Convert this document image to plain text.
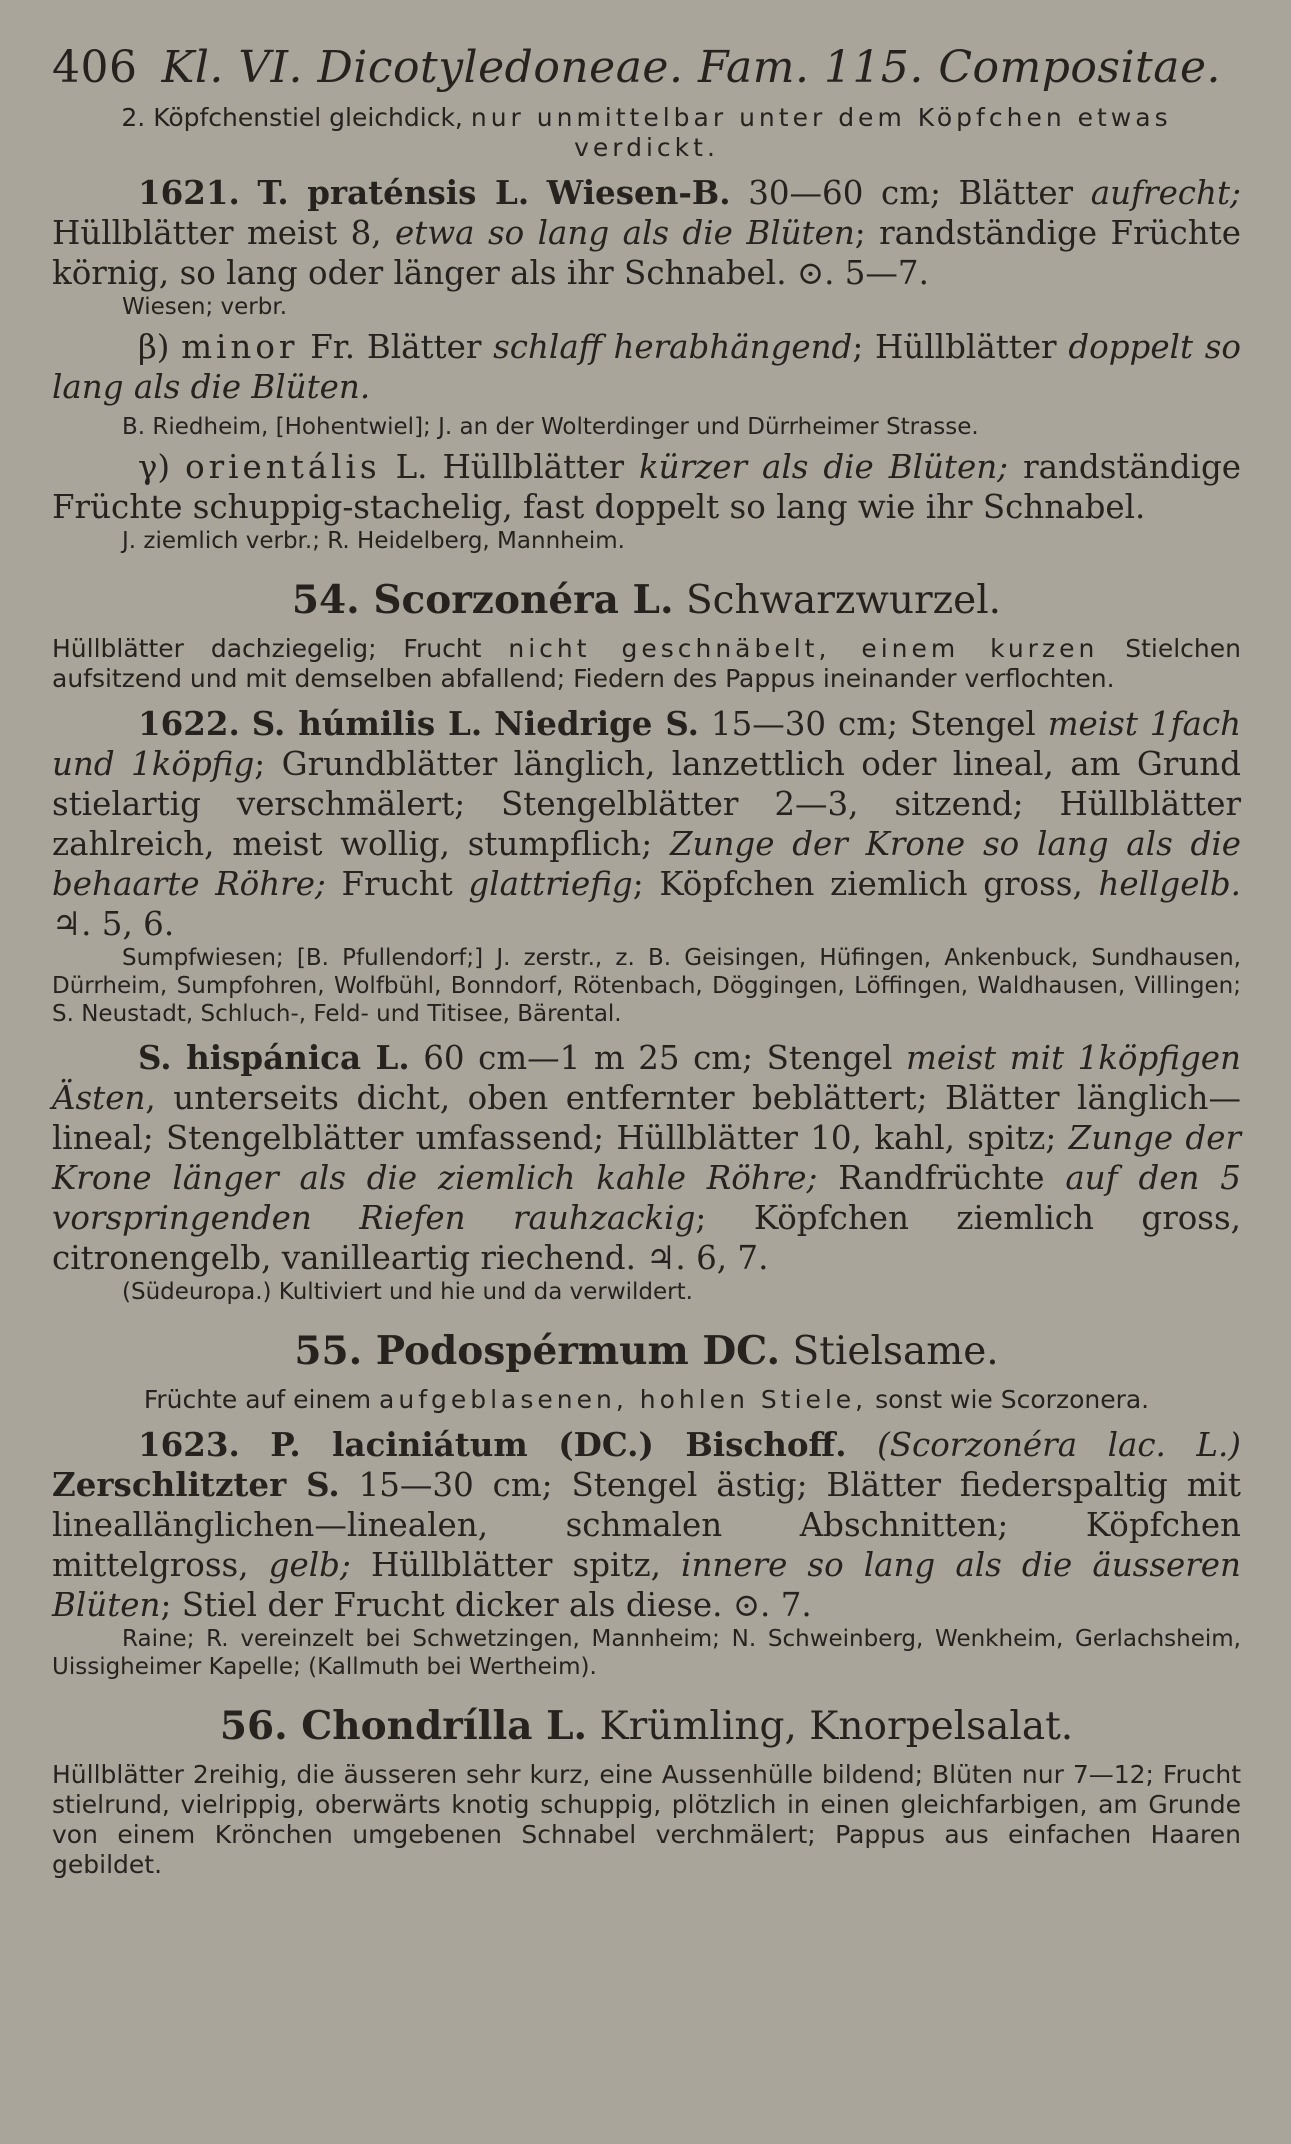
406 Kl. VI. Dicotyledoneae. Fam. 115. Compositae.
2. Köpfchenstiel gleichdick, nur unmittelbar unter dem Köpfchen etwas verdickt.
1621. T. praténsis L. Wiesen-B. 30—60 cm; Blätter aufrecht; Hüllblätter meist 8, etwa so lang als die Blüten; randständige Früchte körnig, so lang oder länger als ihr Schnabel. ⊙. 5—7.
Wiesen; verbr.
β) minor Fr. Blätter schlaff herabhängend; Hüllblätter doppelt so lang als die Blüten.
B. Riedheim, [Hohentwiel]; J. an der Wolterdinger und Dürrheimer Strasse.
γ) orientális L. Hüllblätter kürzer als die Blüten; randständige Früchte schuppig-stachelig, fast doppelt so lang wie ihr Schnabel.
J. ziemlich verbr.; R. Heidelberg, Mannheim.
54. Scorzonéra L. Schwarzwurzel.
Hüllblätter dachziegelig; Frucht nicht geschnäbelt, einem kurzen Stielchen aufsitzend und mit demselben abfallend; Fiedern des Pappus ineinander verflochten.
1622. S. húmilis L. Niedrige S. 15—30 cm; Stengel meist 1fach und 1köpfig; Grundblätter länglich, lanzettlich oder lineal, am Grund stielartig verschmälert; Stengelblätter 2—3, sitzend; Hüllblätter zahlreich, meist wollig, stumpflich; Zunge der Krone so lang als die behaarte Röhre; Frucht glattriefig; Köpfchen ziemlich gross, hellgelb. ♃. 5, 6.
Sumpfwiesen; [B. Pfullendorf;] J. zerstr., z. B. Geisingen, Hüfingen, Ankenbuck, Sundhausen, Dürrheim, Sumpfohren, Wolfbühl, Bonndorf, Rötenbach, Döggingen, Löffingen, Waldhausen, Villingen; S. Neustadt, Schluch-, Feld- und Titisee, Bärental.
S. hispánica L. 60 cm—1 m 25 cm; Stengel meist mit 1köpfigen Ästen, unterseits dicht, oben entfernter beblättert; Blätter länglich—lineal; Stengelblätter umfassend; Hüllblätter 10, kahl, spitz; Zunge der Krone länger als die ziemlich kahle Röhre; Randfrüchte auf den 5 vorspringenden Riefen rauhzackig; Köpfchen ziemlich gross, citronengelb, vanilleartig riechend. ♃. 6, 7.
(Südeuropa.) Kultiviert und hie und da verwildert.
55. Podospérmum DC. Stielsame.
Früchte auf einem aufgeblasenen, hohlen Stiele, sonst wie Scorzonera.
1623. P. laciniátum (DC.) Bischoff. (Scorzonéra lac. L.) Zerschlitzter S. 15—30 cm; Stengel ästig; Blätter fiederspaltig mit lineallänglichen—linealen, schmalen Abschnitten; Köpfchen mittelgross, gelb; Hüllblätter spitz, innere so lang als die äusseren Blüten; Stiel der Frucht dicker als diese. ⊙. 7.
Raine; R. vereinzelt bei Schwetzingen, Mannheim; N. Schweinberg, Wenkheim, Gerlachsheim, Uissigheimer Kapelle; (Kallmuth bei Wertheim).
56. Chondrílla L. Krümling, Knorpelsalat.
Hüllblätter 2reihig, die äusseren sehr kurz, eine Aussenhülle bildend; Blüten nur 7—12; Frucht stielrund, vielrippig, oberwärts knotig schuppig, plötzlich in einen gleichfarbigen, am Grunde von einem Krönchen umgebenen Schnabel verchmälert; Pappus aus einfachen Haaren gebildet.
